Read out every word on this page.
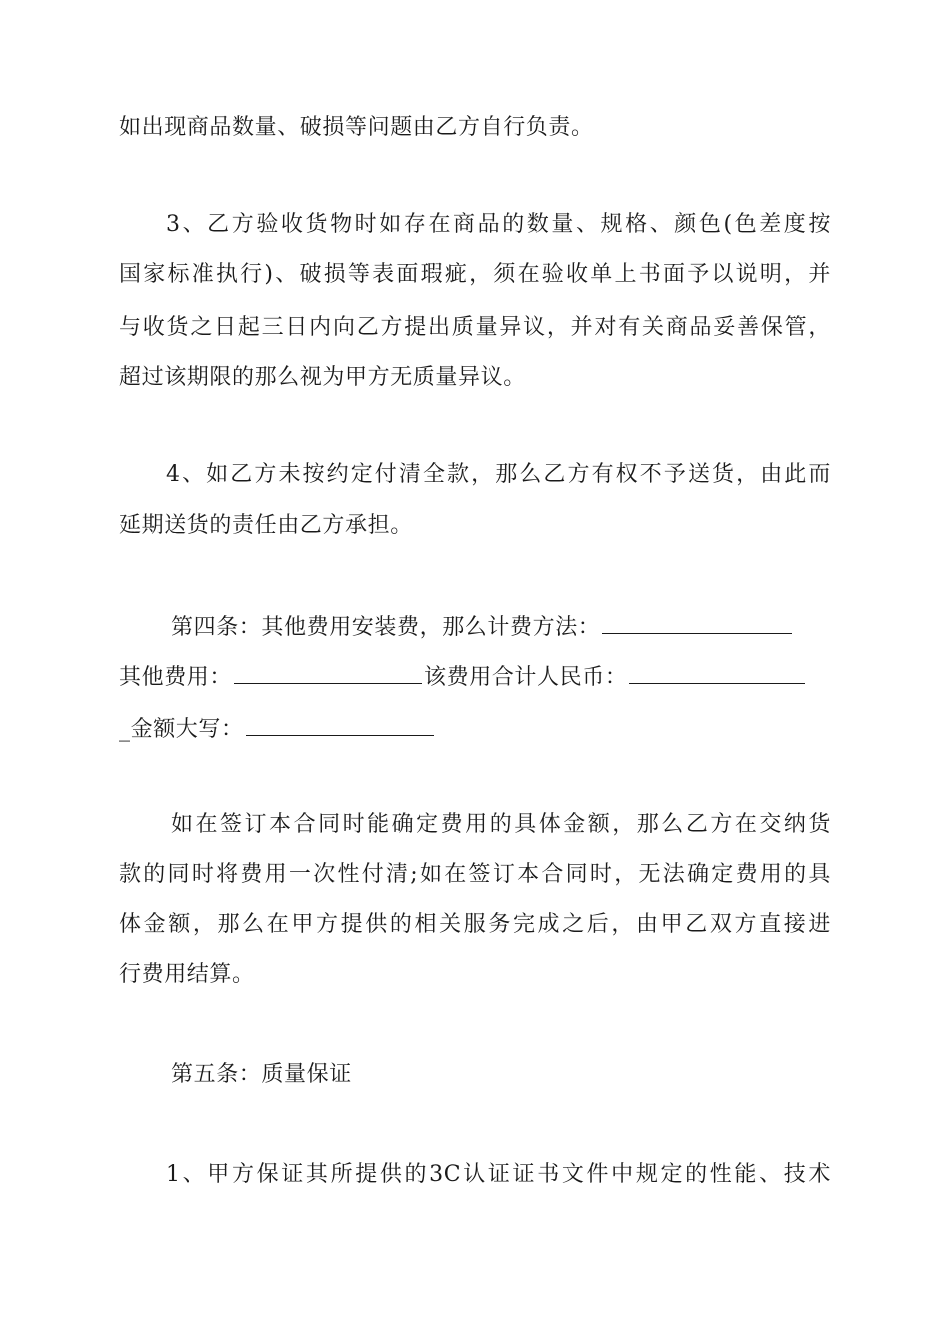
如出现商品数量、破损等问题由乙方自行负责。
3、乙方验收货物时如存在商品的数量、规格、颜色(色差度按
国家标准执行)、破损等表面瑕疵，须在验收单上书面予以说明，并
与收货之日起三日内向乙方提出质量异议，并对有关商品妥善保管，
超过该期限的那么视为甲方无质量异议。
4、如乙方未按约定付清全款，那么乙方有权不予送货，由此而
延期送货的责任由乙方承担。
第四条：其他费用安装费，那么计费方法：
其他费用：	该费用合计人民币：
_金额大写：
如在签订本合同时能确定费用的具体金额，那么乙方在交纳货
款的同时将费用一次性付清;如在签订本合同时，无法确定费用的具
体金额，那么在甲方提供的相关服务完成之后，由甲乙双方直接进
行费用结算。
第五条：质量保证
1、甲方保证其所提供的3C认证证书文件中规定的性能、技术
